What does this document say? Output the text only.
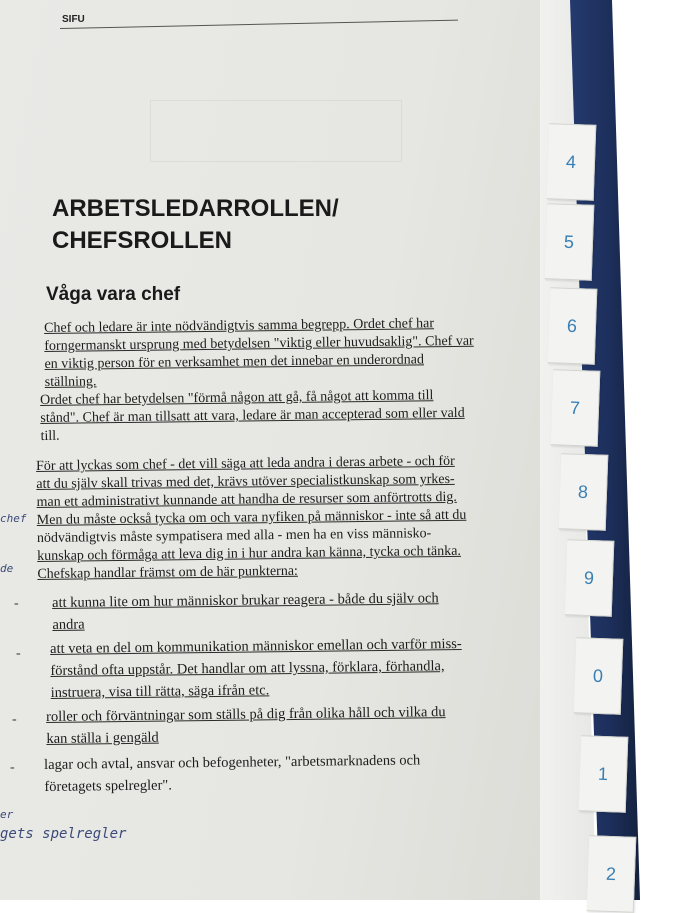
SIFU
ARBETSLEDARROLLEN/
CHEFSROLLEN
Våga vara chef
Chef och ledare är inte nödvändigtvis samma begrepp. Ordet chef har
forngermanskt ursprung med betydelsen "viktig eller huvudsaklig". Chef var
en viktig person för en verksamhet men det innebar en underordnad
ställning.
Ordet chef har betydelsen "förmå någon att gå, få något att komma till
stånd". Chef är man tillsatt att vara, ledare är man accepterad som eller vald
till.
För att lyckas som chef - det vill säga att leda andra i deras arbete - och för
att du själv skall trivas med det, krävs utöver specialistkunskap som yrkes-
man ett administrativt kunnande att handha de resurser som anförtrotts dig.
Men du måste också tycka om och vara nyfiken på människor - inte så att du
nödvändigtvis måste sympatisera med alla - men ha en viss människo-
kunskap och förmåga att leva dig in i hur andra kan känna, tycka och tänka.
Chefskap handlar främst om de här punkterna:
- att kunna lite om hur människor brukar reagera - både du själv och
andra
- att veta en del om kommunikation människor emellan och varför miss-
förstånd ofta uppstår. Det handlar om att lyssna, förklara, förhandla,
instruera, visa till rätta, säga ifrån etc.
- roller och förväntningar som ställs på dig från olika håll och vilka du
kan ställa i gengäld
- lagar och avtal, ansvar och befogenheter, "arbetsmarknadens och
företagets spelregler".
chef
de
er
gets spelregler
4
5
6
7
8
9
0
1
2
